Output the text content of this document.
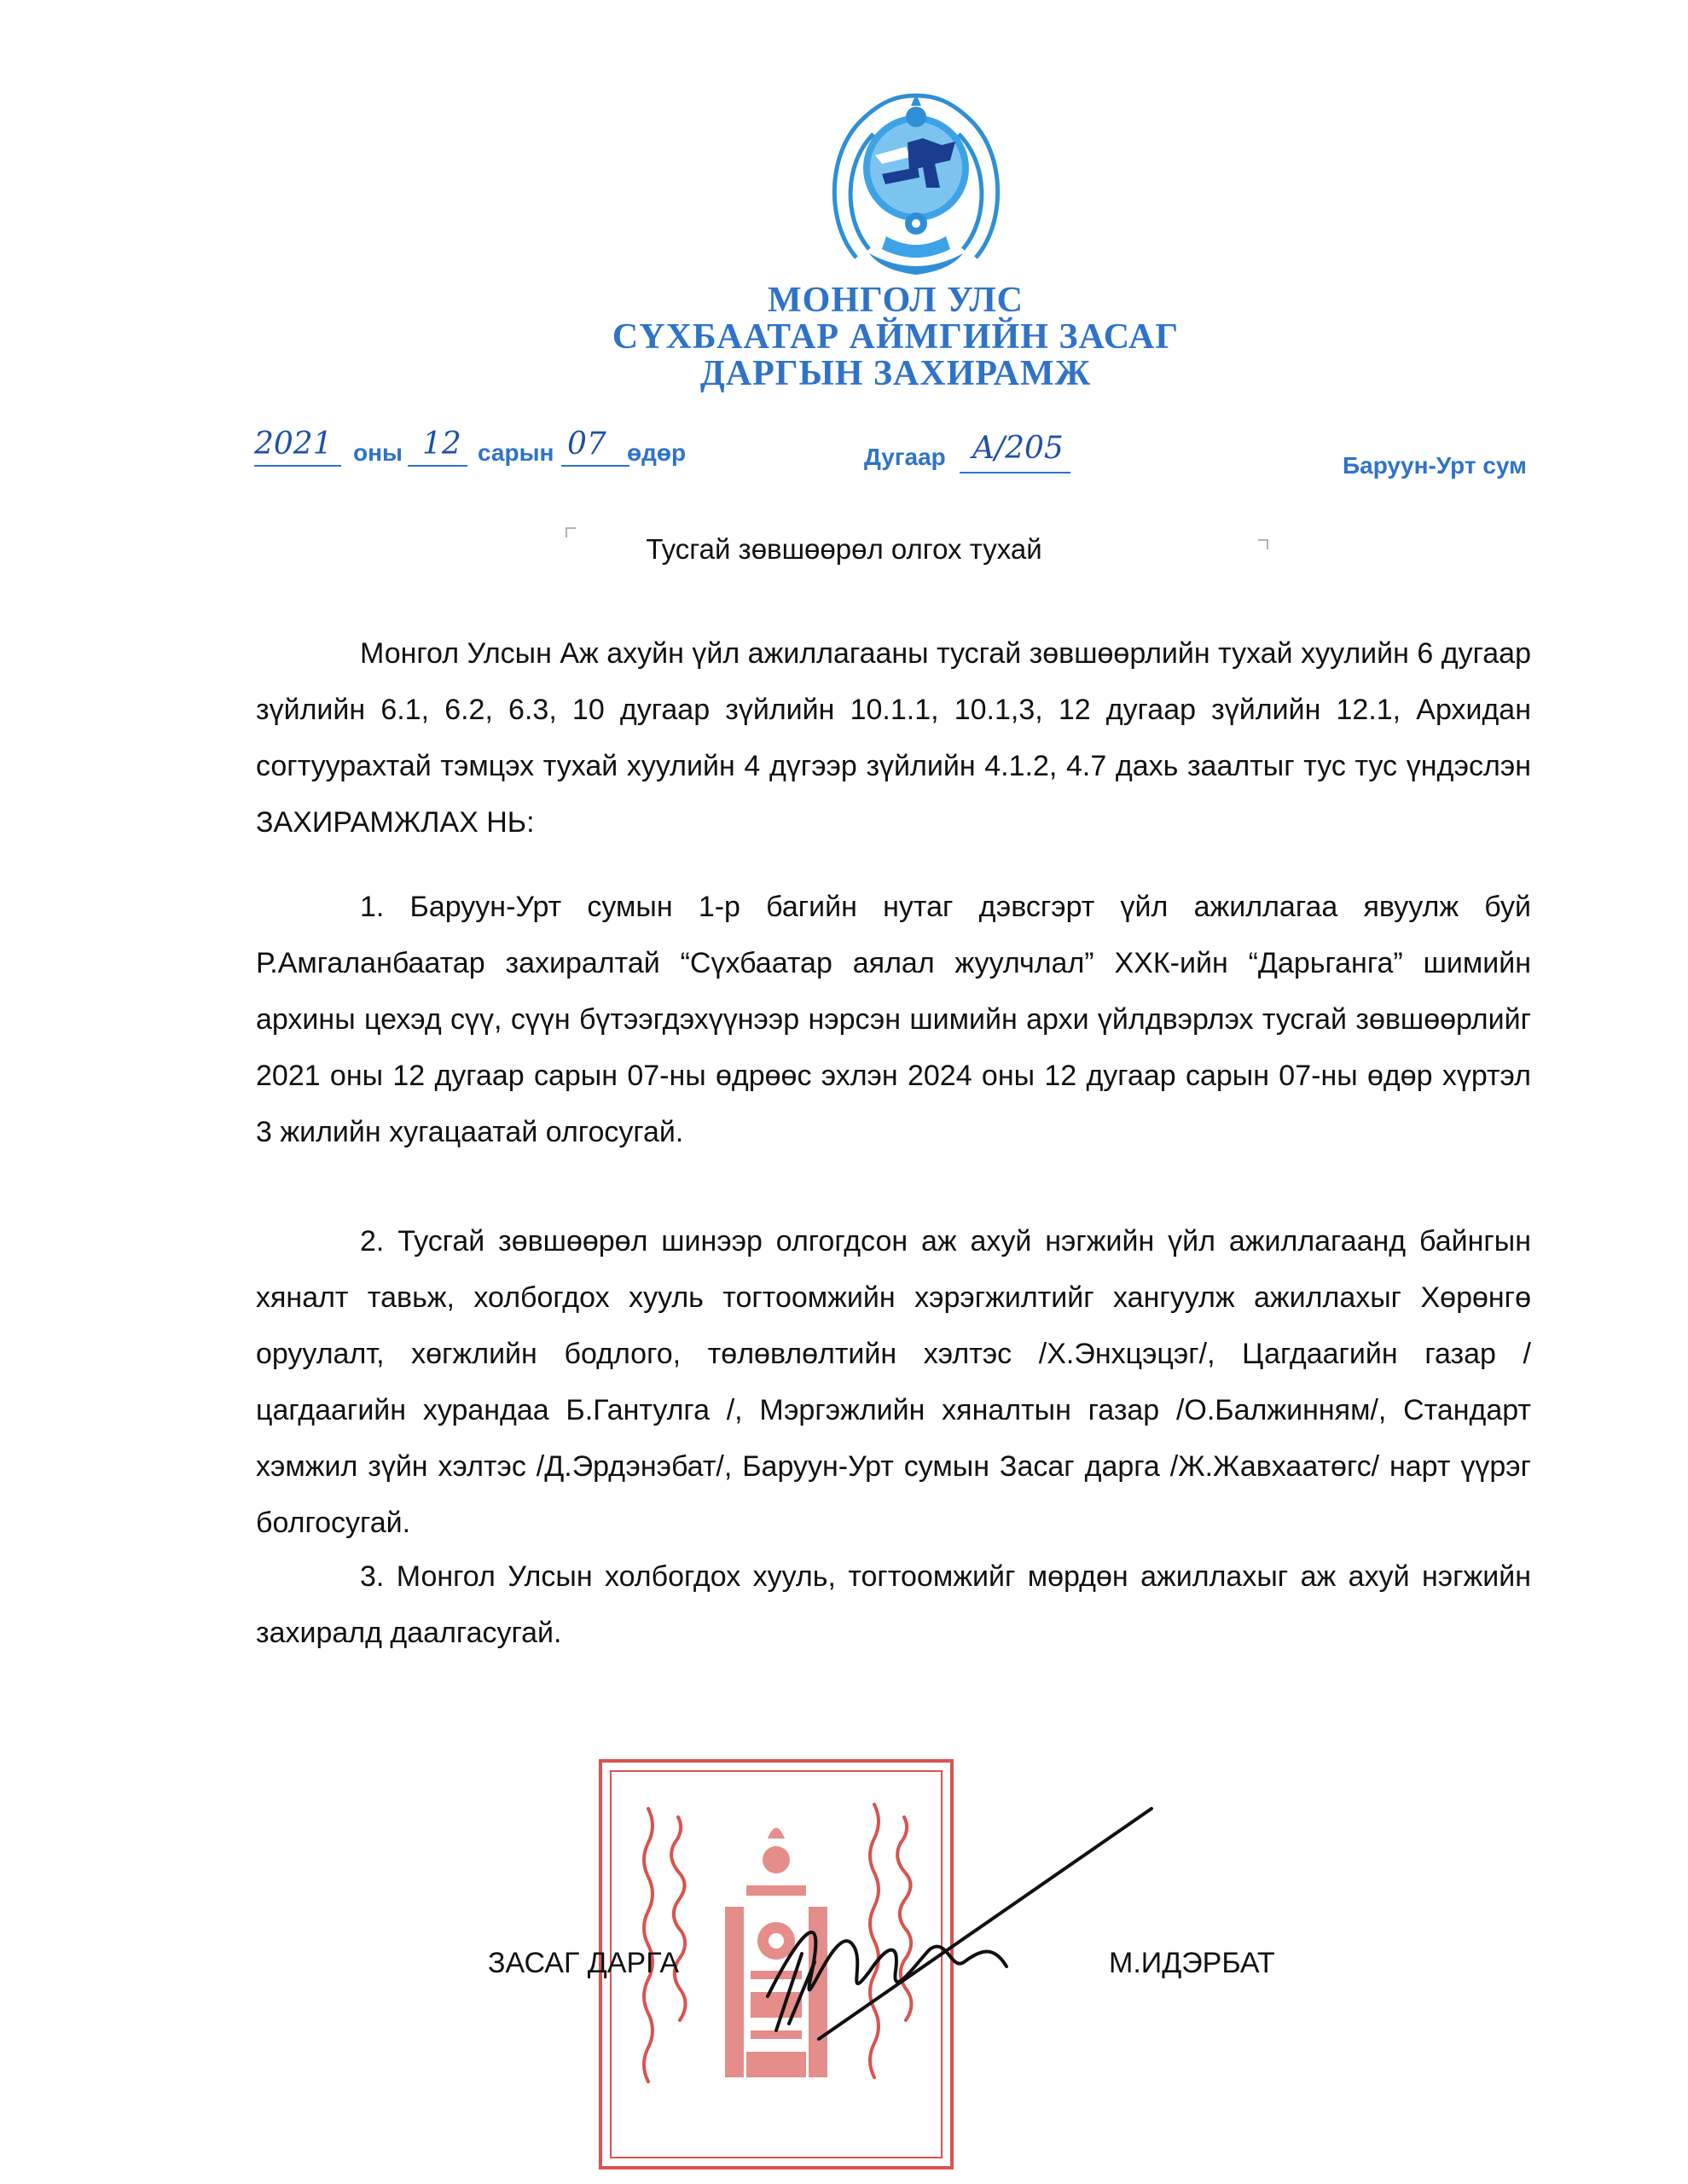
МОНГОЛ УЛС
СҮХБААТАР АЙМГИЙН ЗАСАГ
ДАРГЫН ЗАХИРАМЖ
2021 оны 12 сарын 07 өдөр	Дугаар A/205	Баруун-Урт сум
Тусгай зөвшөөрөл олгох тухай

Монгол Улсын Аж ахуйн үйл ажиллагааны тусгай зөвшөөрлийн тухай хуулийн 6 дугаар зүйлийн 6.1, 6.2, 6.3, 10 дугаар зүйлийн 10.1.1, 10.1,3, 12 дугаар зүйлийн 12.1, Архидан согтуурахтай тэмцэх тухай хуулийн 4 дүгээр зүйлийн 4.1.2, 4.7 дахь заалтыг тус тус үндэслэн ЗАХИРАМЖЛАХ НЬ:

1. Баруун-Урт сумын 1-р багийн нутаг дэвсгэрт үйл ажиллагаа явуулж буй Р.Амгаланбаатар захиралтай “Сүхбаатар аялал жуулчлал” ХХК-ийн “Дарьганга” шимийн архины цехэд сүү, сүүн бүтээгдэхүүнээр нэрсэн шимийн архи үйлдвэрлэх тусгай зөвшөөрлийг 2021 оны 12 дугаар сарын 07-ны өдрөөс эхлэн 2024 оны 12 дугаар сарын 07-ны өдөр хүртэл 3 жилийн хугацаатай олгосугай.

2. Тусгай зөвшөөрөл шинээр олгогдсон аж ахуй нэгжийн үйл ажиллагаанд байнгын хяналт тавьж, холбогдох хууль тогтоомжийн хэрэгжилтийг хангуулж ажиллахыг Хөрөнгө оруулалт, хөгжлийн бодлого, төлөвлөлтийн хэлтэс /Х.Энхцэцэг/, Цагдаагийн газар / цагдаагийн хурандаа Б.Гантулга /, Мэргэжлийн хяналтын газар /О.Балжинням/, Стандарт хэмжил зүйн хэлтэс /Д.Эрдэнэбат/, Баруун-Урт сумын Засаг дарга /Ж.Жавхаатөгс/ нарт үүрэг болгосугай.

3. Монгол Улсын холбогдох хууль, тогтоомжийг мөрдөн ажиллахыг аж ахуй нэгжийн захиралд даалгасугай.

ЗАСАГ ДАРГА	М.ИДЭРБАТ
